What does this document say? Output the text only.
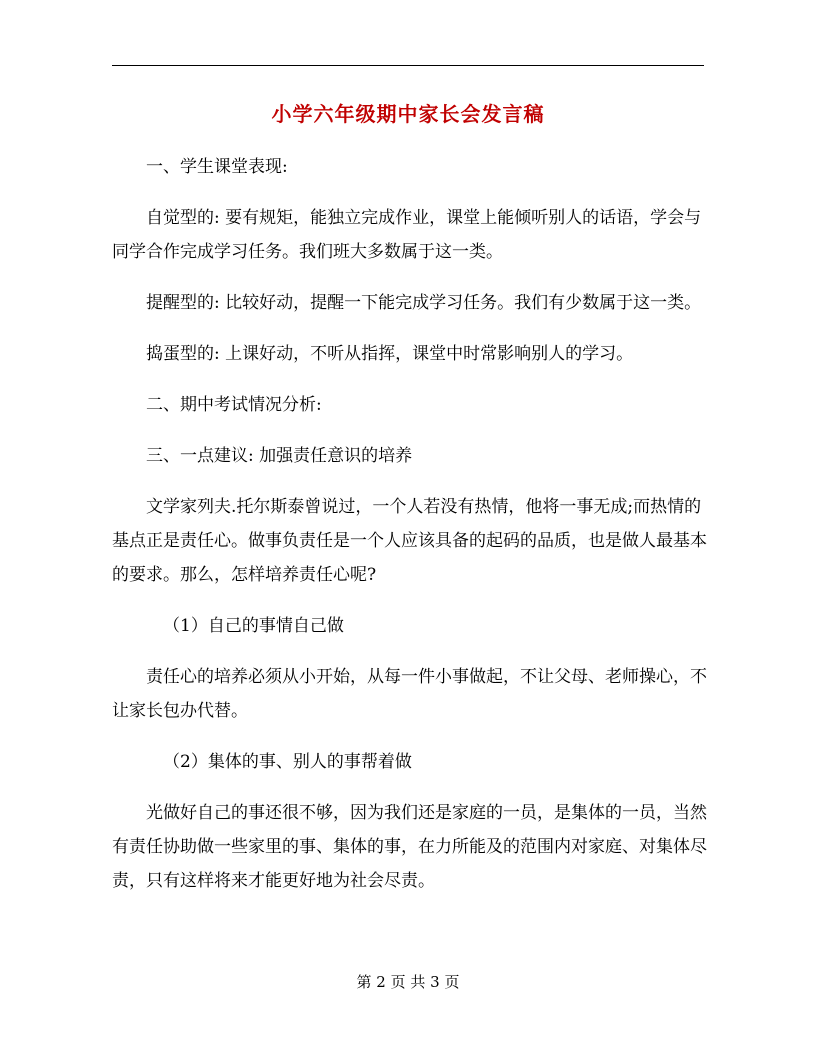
小学六年级期中家长会发言稿

一、学生课堂表现:

自觉型的: 要有规矩，能独立完成作业，课堂上能倾听别人的话语，学会与同学合作完成学习任务。我们班大多数属于这一类。

提醒型的: 比较好动，提醒一下能完成学习任务。我们有少数属于这一类。

捣蛋型的: 上课好动，不听从指挥，课堂中时常影响别人的学习。

二、期中考试情况分析:

三、一点建议: 加强责任意识的培养

文学家列夫.托尔斯泰曾说过，一个人若没有热情，他将一事无成;而热情的基点正是责任心。做事负责任是一个人应该具备的起码的品质，也是做人最基本的要求。那么，怎样培养责任心呢?

（1）自己的事情自己做

责任心的培养必须从小开始，从每一件小事做起，不让父母、老师操心，不让家长包办代替。

（2）集体的事、别人的事帮着做

光做好自己的事还很不够，因为我们还是家庭的一员，是集体的一员，当然有责任协助做一些家里的事、集体的事，在力所能及的范围内对家庭、对集体尽责，只有这样将来才能更好地为社会尽责。

第 2 页 共 3 页
